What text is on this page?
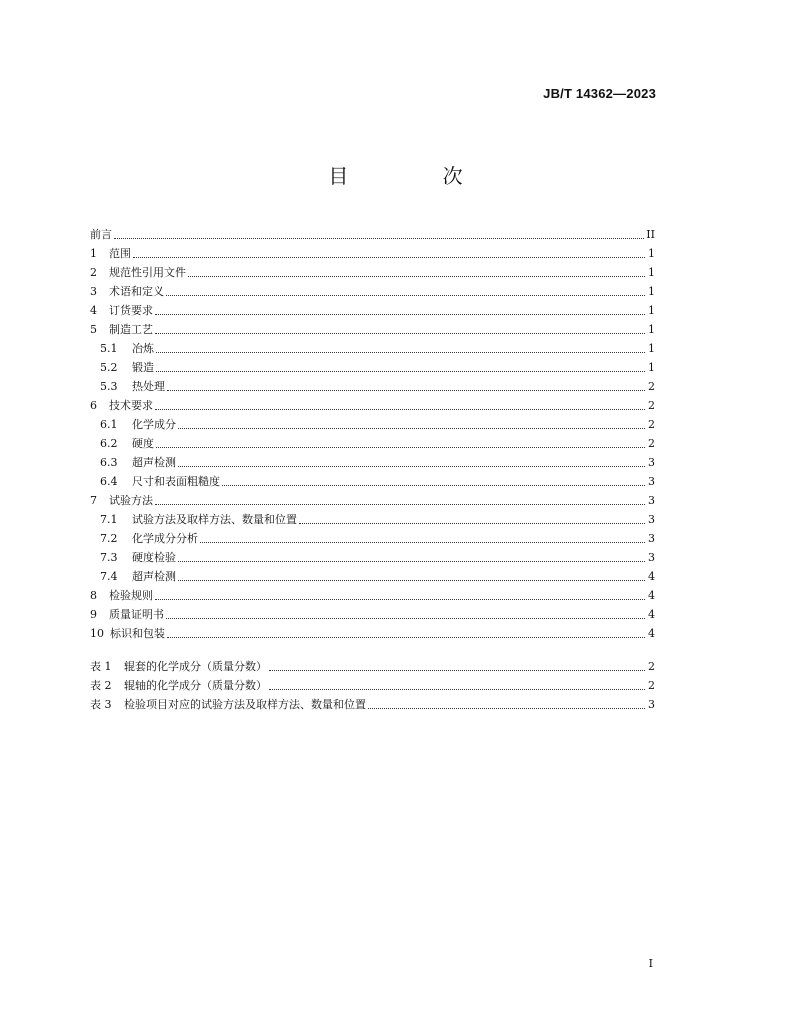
JB/T 14362—2023
目 次
前言	II
1	范围	1
2	规范性引用文件	1
3	术语和定义	1
4	订货要求	1
5	制造工艺	1
5.1	冶炼	1
5.2	锻造	1
5.3	热处理	2
6	技术要求	2
6.1	化学成分	2
6.2	硬度	2
6.3	超声检测	3
6.4	尺寸和表面粗糙度	3
7	试验方法	3
7.1	试验方法及取样方法、数量和位置	3
7.2	化学成分分析	3
7.3	硬度检验	3
7.4	超声检测	4
8	检验规则	4
9	质量证明书	4
10 标识和包装	4
表 1 辊套的化学成分（质量分数）	2
表 2 辊轴的化学成分（质量分数）	2
表 3 检验项目对应的试验方法及取样方法、数量和位置	3
I
